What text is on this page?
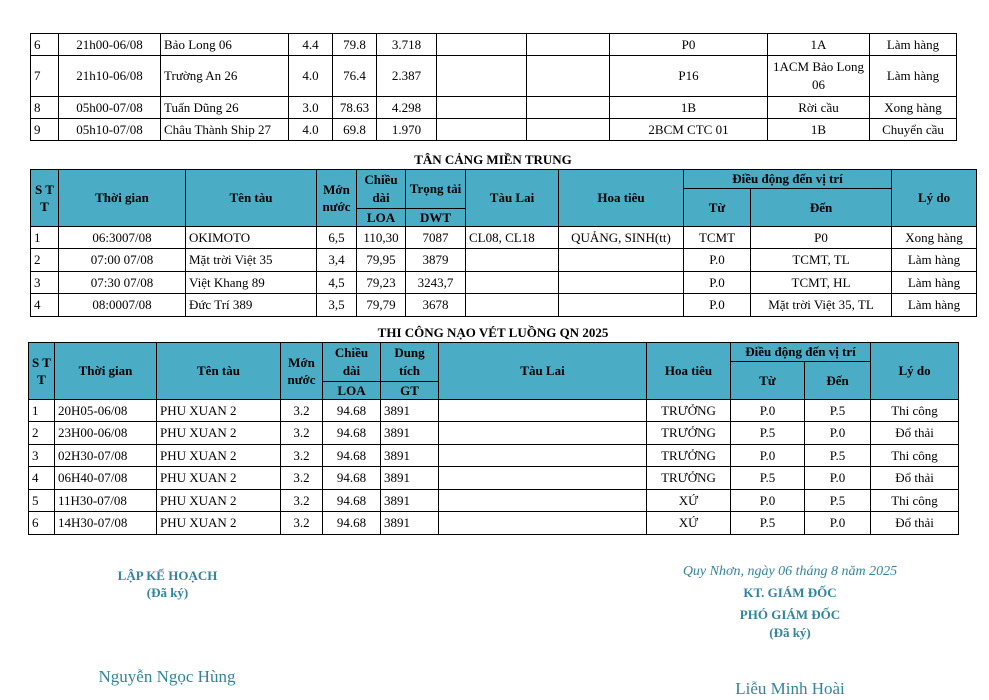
6	21h00-06/08	Bảo Long 06	4.4	79.8	3.718			P0	1A	Làm hàng
7	21h10-06/08	Trường An 26	4.0	76.4	2.387			P16	1ACM Bảo Long 06	Làm hàng
8	05h00-07/08	Tuấn Dũng 26	3.0	78.63	4.298			1B	Rời cầu	Xong hàng
9	05h10-07/08	Châu Thành Ship 27	4.0	69.8	1.970			2BCM CTC 01	1B	Chuyển cầu
TÂN CẢNG MIỀN TRUNG
S T T	Thời gian	Tên tàu	Mớn nước	Chiều dài	Trọng tải	Tàu Lai	Hoa tiêu	Điều động đến vị trí		Lý do
								Từ	Đến	
				LOA	DWT					
1	06:3007/08	OKIMOTO	6,5	110,30	7087	CL08, CL18	QUẢNG, SINH(tt)	TCMT	P0	Xong hàng
2	07:00 07/08	Mặt trời Việt 35	3,4	79,95	3879			P.0	TCMT, TL	Làm hàng
3	07:30 07/08	Việt Khang 89	4,5	79,23	3243,7			P.0	TCMT, HL	Làm hàng
4	08:0007/08	Đức Trí 389	3,5	79,79	3678			P.0	Mặt trời Việt 35, TL	Làm hàng
THI CÔNG NẠO VÉT LUỒNG QN 2025
S T T	Thời gian	Tên tàu	Mớn nước	Chiều dài	Dung tích	Tàu Lai	Hoa tiêu	Điều động đến vị trí		Lý do
								Từ	Đến	
				LOA	GT					
1	20H05-06/08	PHU XUAN 2	3.2	94.68	3891		TRƯỞNG	P.0	P.5	Thi công
2	23H00-06/08	PHU XUAN 2	3.2	94.68	3891		TRƯỞNG	P.5	P.0	Đổ thải
3	02H30-07/08	PHU XUAN 2	3.2	94.68	3891		TRƯỞNG	P.0	P.5	Thi công
4	06H40-07/08	PHU XUAN 2	3.2	94.68	3891		TRƯỞNG	P.5	P.0	Đổ thải
5	11H30-07/08	PHU XUAN 2	3.2	94.68	3891		XỨ	P.0	P.5	Thi công
6	14H30-07/08	PHU XUAN 2	3.2	94.68	3891		XỨ	P.5	P.0	Đổ thải
LẬP KẾ HOẠCH
(Đã ký)
Nguyễn Ngọc Hùng
Quy Nhơn, ngày 06 tháng 8 năm 2025
KT. GIÁM ĐỐC
PHÓ GIÁM ĐỐC
(Đã ký)
Liễu Minh Hoài
